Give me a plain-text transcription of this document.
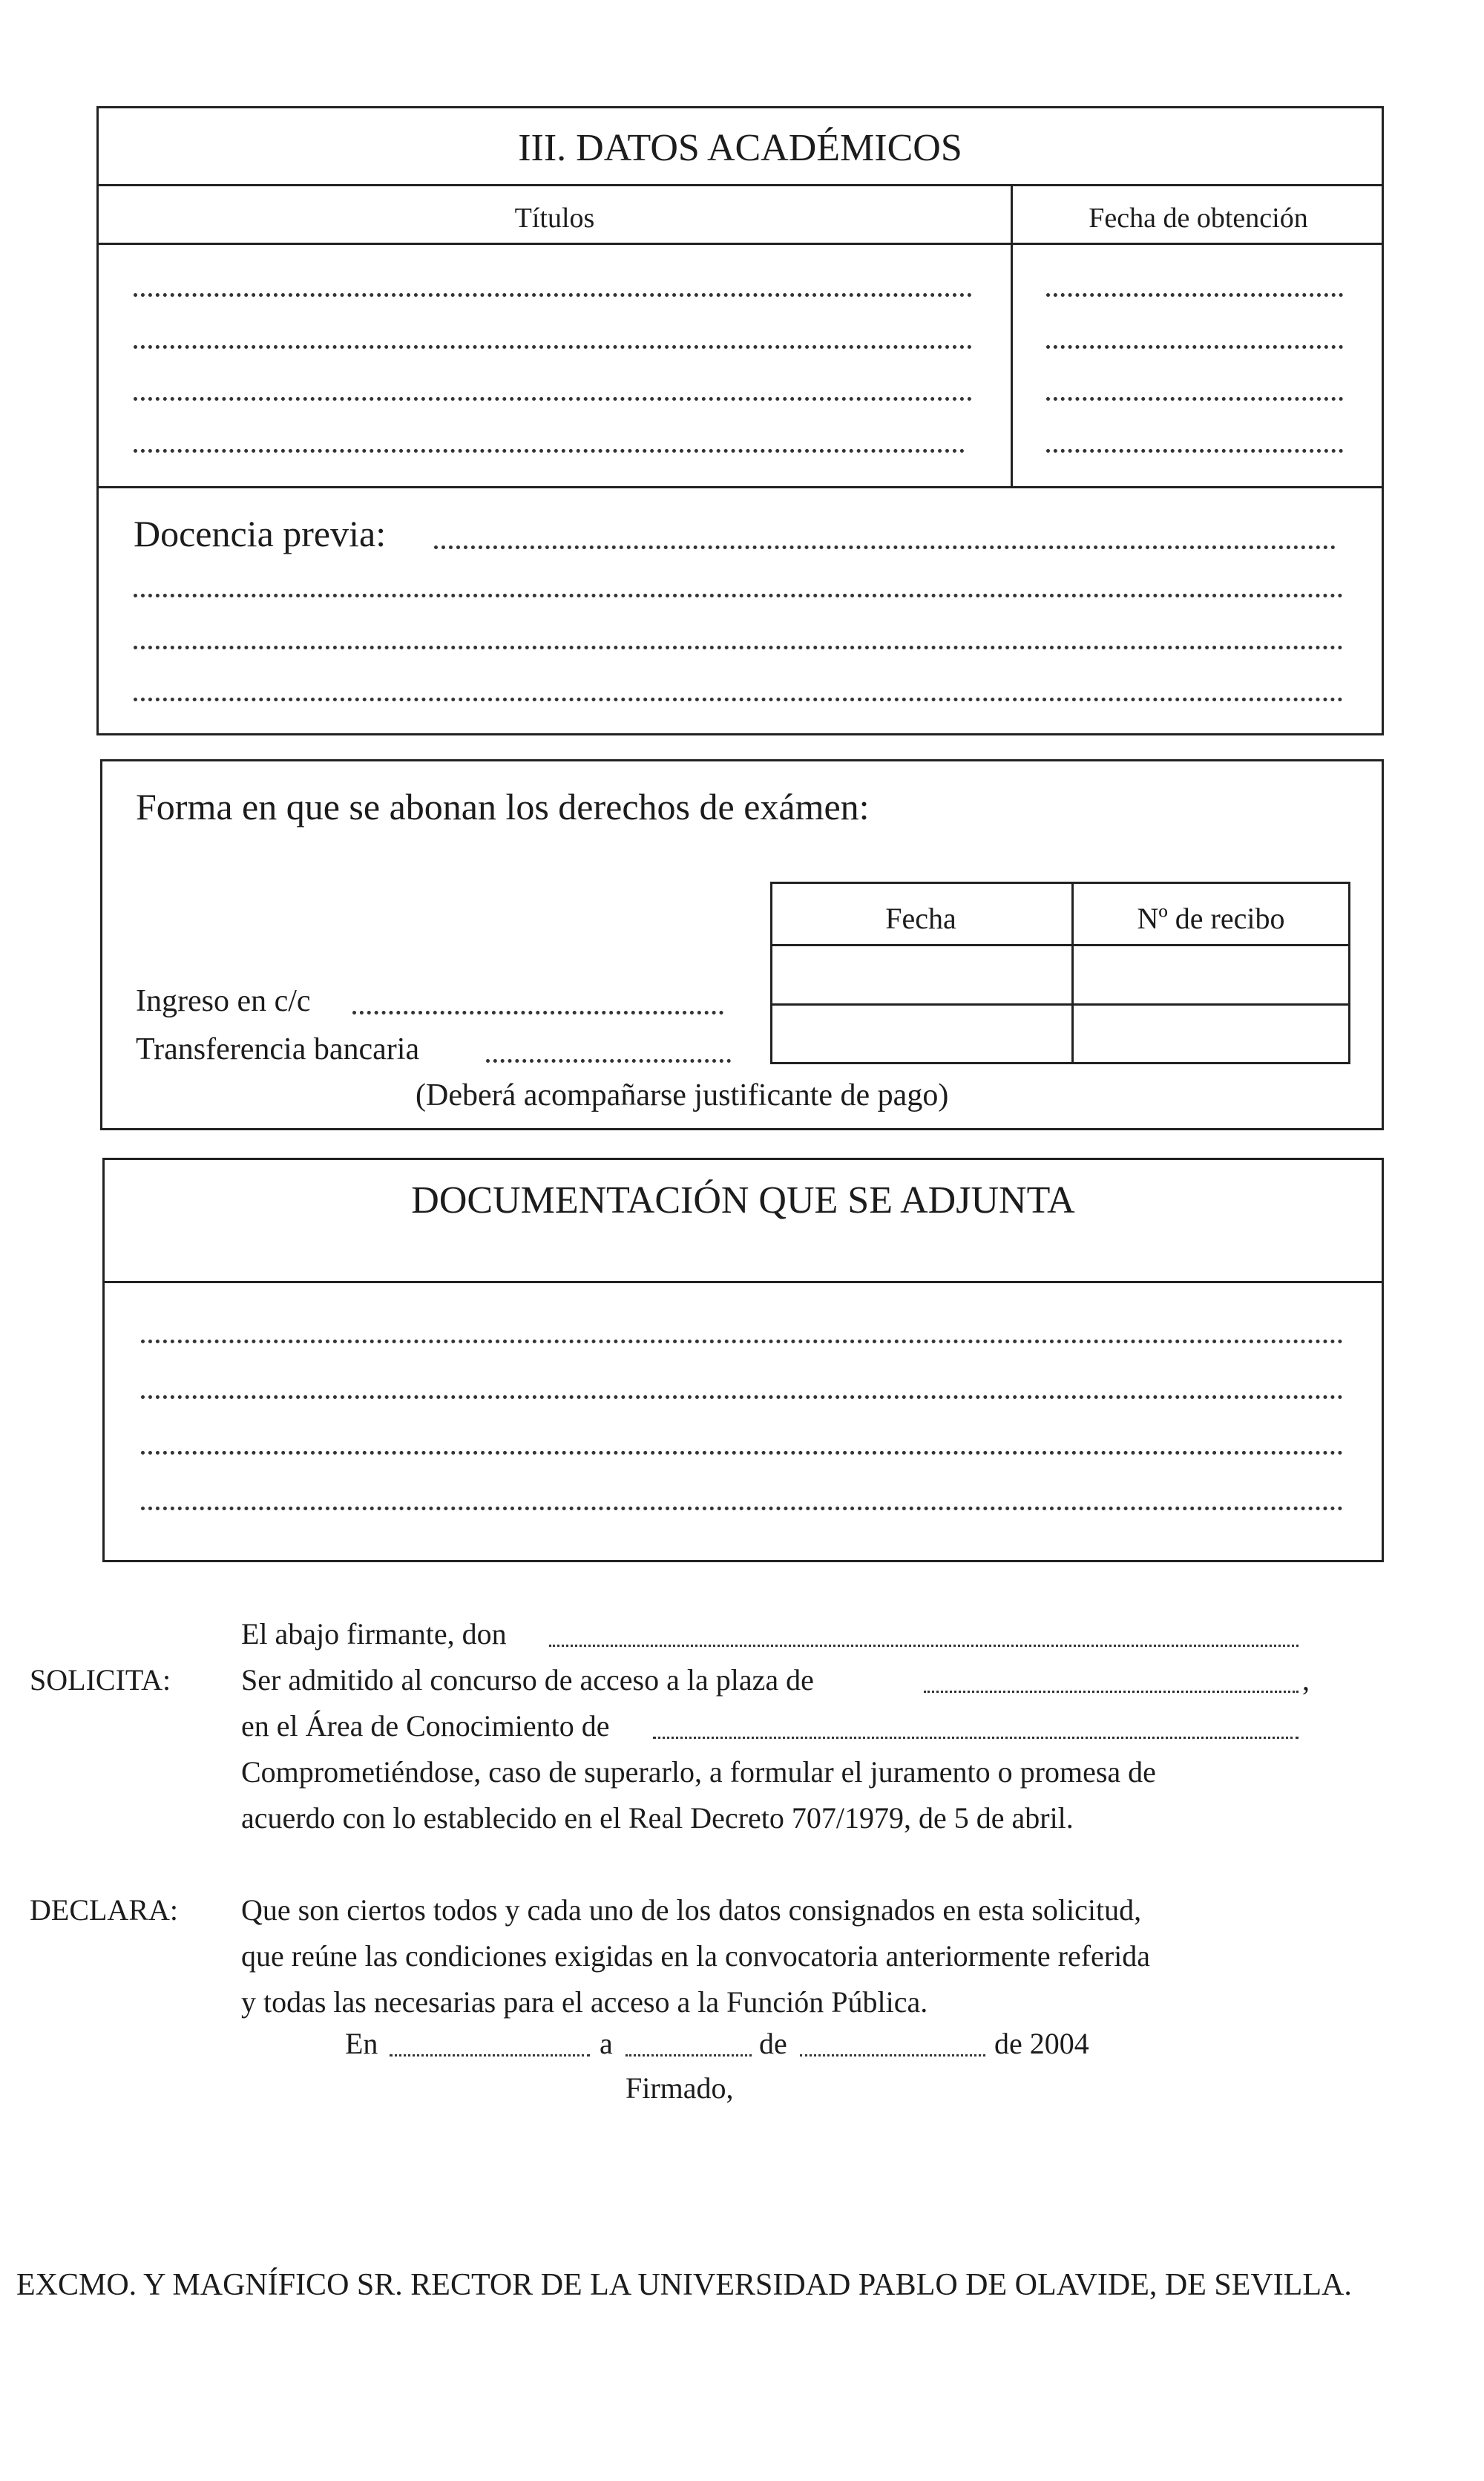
III. DATOS ACADÉMICOS
Títulos	Fecha de obtención
Docencia previa:
Forma en que se abonan los derechos de exámen:
Fecha	Nº de recibo
Ingreso en c/c
Transferencia bancaria
(Deberá acompañarse justificante de pago)
DOCUMENTACIÓN QUE SE ADJUNTA
El abajo firmante, don
SOLICITA: Ser admitido al concurso de acceso a la plaza de	,
en el Área de Conocimiento de
Comprometiéndose, caso de superarlo, a formular el juramento o promesa de
acuerdo con lo establecido en el Real Decreto 707/1979, de 5 de abril.
DECLARA: Que son ciertos todos y cada uno de los datos consignados en esta solicitud,
que reúne las condiciones exigidas en la convocatoria anteriormente referida
y todas las necesarias para el acceso a la Función Pública.
En	a	de	de 2004
Firmado,
EXCMO. Y MAGNÍFICO SR. RECTOR DE LA UNIVERSIDAD PABLO DE OLAVIDE, DE SEVILLA.
